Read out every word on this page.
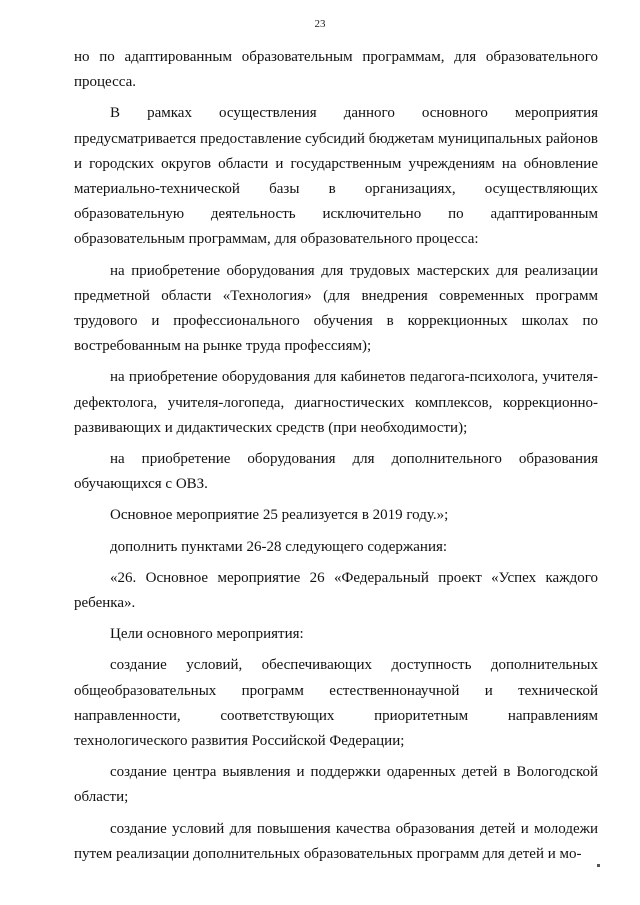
23

но по адаптированным образовательным программам, для образовательного процесса.

В рамках осуществления данного основного мероприятия предусматривается предоставление субсидий бюджетам муниципальных районов и городских округов области и государственным учреждениям на обновление материально-технической базы в организациях, осуществляющих образовательную деятельность исключительно по адаптированным образовательным программам, для образовательного процесса:

на приобретение оборудования для трудовых мастерских для реализации предметной области «Технология» (для внедрения современных программ трудового и профессионального обучения в коррекционных школах по востребованным на рынке труда профессиям);

на приобретение оборудования для кабинетов педагога-психолога, учителя-дефектолога, учителя-логопеда, диагностических комплексов, коррекционно-развивающих и дидактических средств (при необходимости);

на приобретение оборудования для дополнительного образования обучающихся с ОВЗ.

Основное мероприятие 25 реализуется в 2019 году.»;

дополнить пунктами 26-28 следующего содержания:

«26. Основное мероприятие 26 «Федеральный проект «Успех каждого ребенка».

Цели основного мероприятия:

создание условий, обеспечивающих доступность дополнительных общеобразовательных программ естественнонаучной и технической направленности, соответствующих приоритетным направлениям технологического развития Российской Федерации;

создание центра выявления и поддержки одаренных детей в Вологодской области;

создание условий для повышения качества образования детей и молодежи путем реализации дополнительных образовательных программ для детей и мо-
